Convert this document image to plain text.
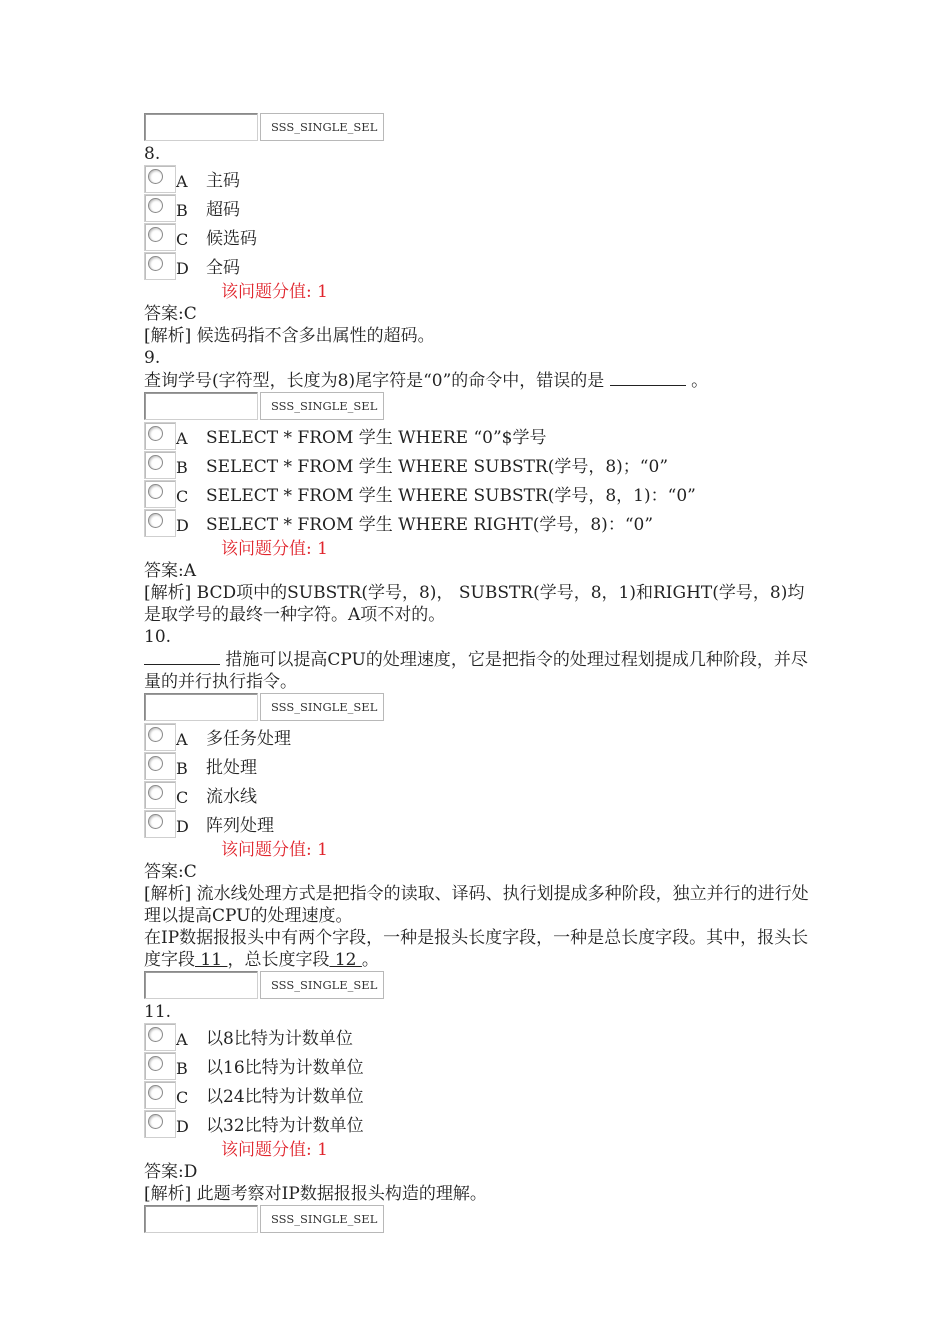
SSS_SINGLE_SEL
8.
A	主码
B	超码
C	候选码
D	全码
该问题分值: 1
答案:C
[解析] 候选码指不含多出属性的超码。
9.
查询学号(字符型，长度为8)尾字符是“0”的命令中，错误的是	。
SSS_SINGLE_SEL
A	SELECT * FROM 学生 WHERE “0”$学号
B	SELECT * FROM 学生 WHERE SUBSTR(学号，8)；“0”
C	SELECT * FROM 学生 WHERE SUBSTR(学号，8，1)：“0”
D	SELECT * FROM 学生 WHERE RIGHT(学号，8)：“0”
该问题分值: 1
答案:A
[解析] BCD项中的SUBSTR(学号，8)， SUBSTR(学号，8，1)和RIGHT(学号，8)均是取学号的最终一种字符。A项不对的。
10.
措施可以提高CPU的处理速度，它是把指令的处理过程划提成几种阶段，并尽量的并行执行指令。
SSS_SINGLE_SEL
A	多任务处理
B	批处理
C	流水线
D	阵列处理
该问题分值: 1
答案:C
[解析] 流水线处理方式是把指令的读取、译码、执行划提成多种阶段，独立并行的进行处理以提高CPU的处理速度。
在IP数据报报头中有两个字段，一种是报头长度字段，一种是总长度字段。其中，报头长度字段 11 ，总长度字段 12 。
SSS_SINGLE_SEL
11.
A	以8比特为计数单位
B	以16比特为计数单位
C	以24比特为计数单位
D	以32比特为计数单位
该问题分值: 1
答案:D
[解析] 此题考察对IP数据报报头构造的理解。
SSS_SINGLE_SEL
